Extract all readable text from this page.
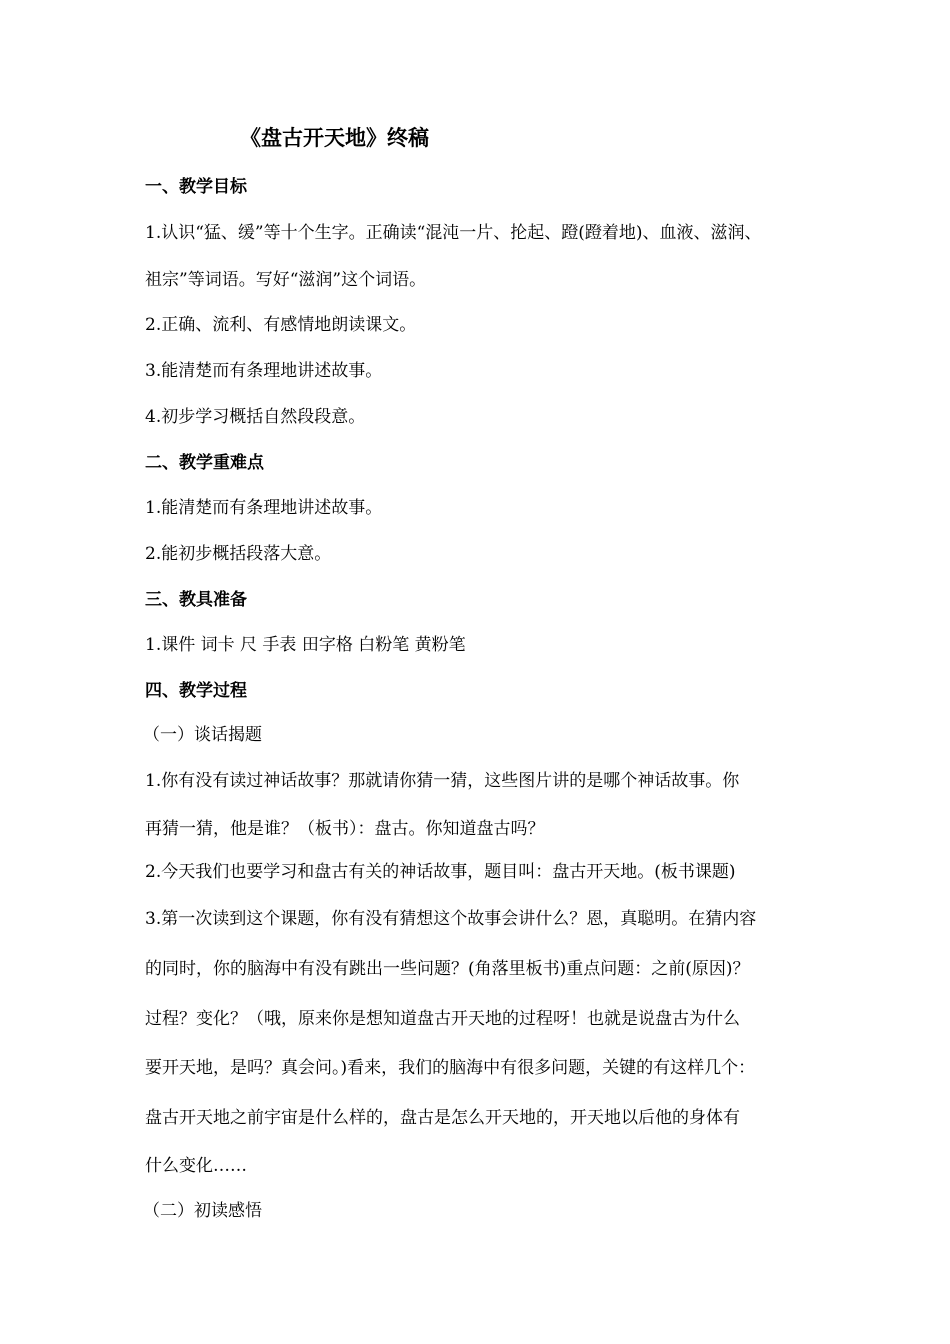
《盘古开天地》终稿
一、教学目标
1.认识“猛、缓”等十个生字。正确读“混沌一片、抡起、蹬(蹬着地)、血液、滋润、
祖宗”等词语。写好“滋润”这个词语。
2.正确、流利、有感情地朗读课文。
3.能清楚而有条理地讲述故事。
4.初步学习概括自然段段意。
二、教学重难点
1.能清楚而有条理地讲述故事。
2.能初步概括段落大意。
三、教具准备
1.课件 词卡 尺 手表 田字格 白粉笔 黄粉笔
四、教学过程
（一）谈话揭题
1.你有没有读过神话故事？那就请你猜一猜，这些图片讲的是哪个神话故事。你
再猜一猜，他是谁？（板书）：盘古。你知道盘古吗？
2.今天我们也要学习和盘古有关的神话故事，题目叫：盘古开天地。(板书课题)
3.第一次读到这个课题，你有没有猜想这个故事会讲什么？恩，真聪明。在猜内容
的同时，你的脑海中有没有跳出一些问题？(角落里板书)重点问题：之前(原因)？
过程？变化？（哦，原来你是想知道盘古开天地的过程呀！也就是说盘古为什么
要开天地，是吗？真会问。)看来，我们的脑海中有很多问题，关键的有这样几个：
盘古开天地之前宇宙是什么样的，盘古是怎么开天地的，开天地以后他的身体有
什么变化……
（二）初读感悟
